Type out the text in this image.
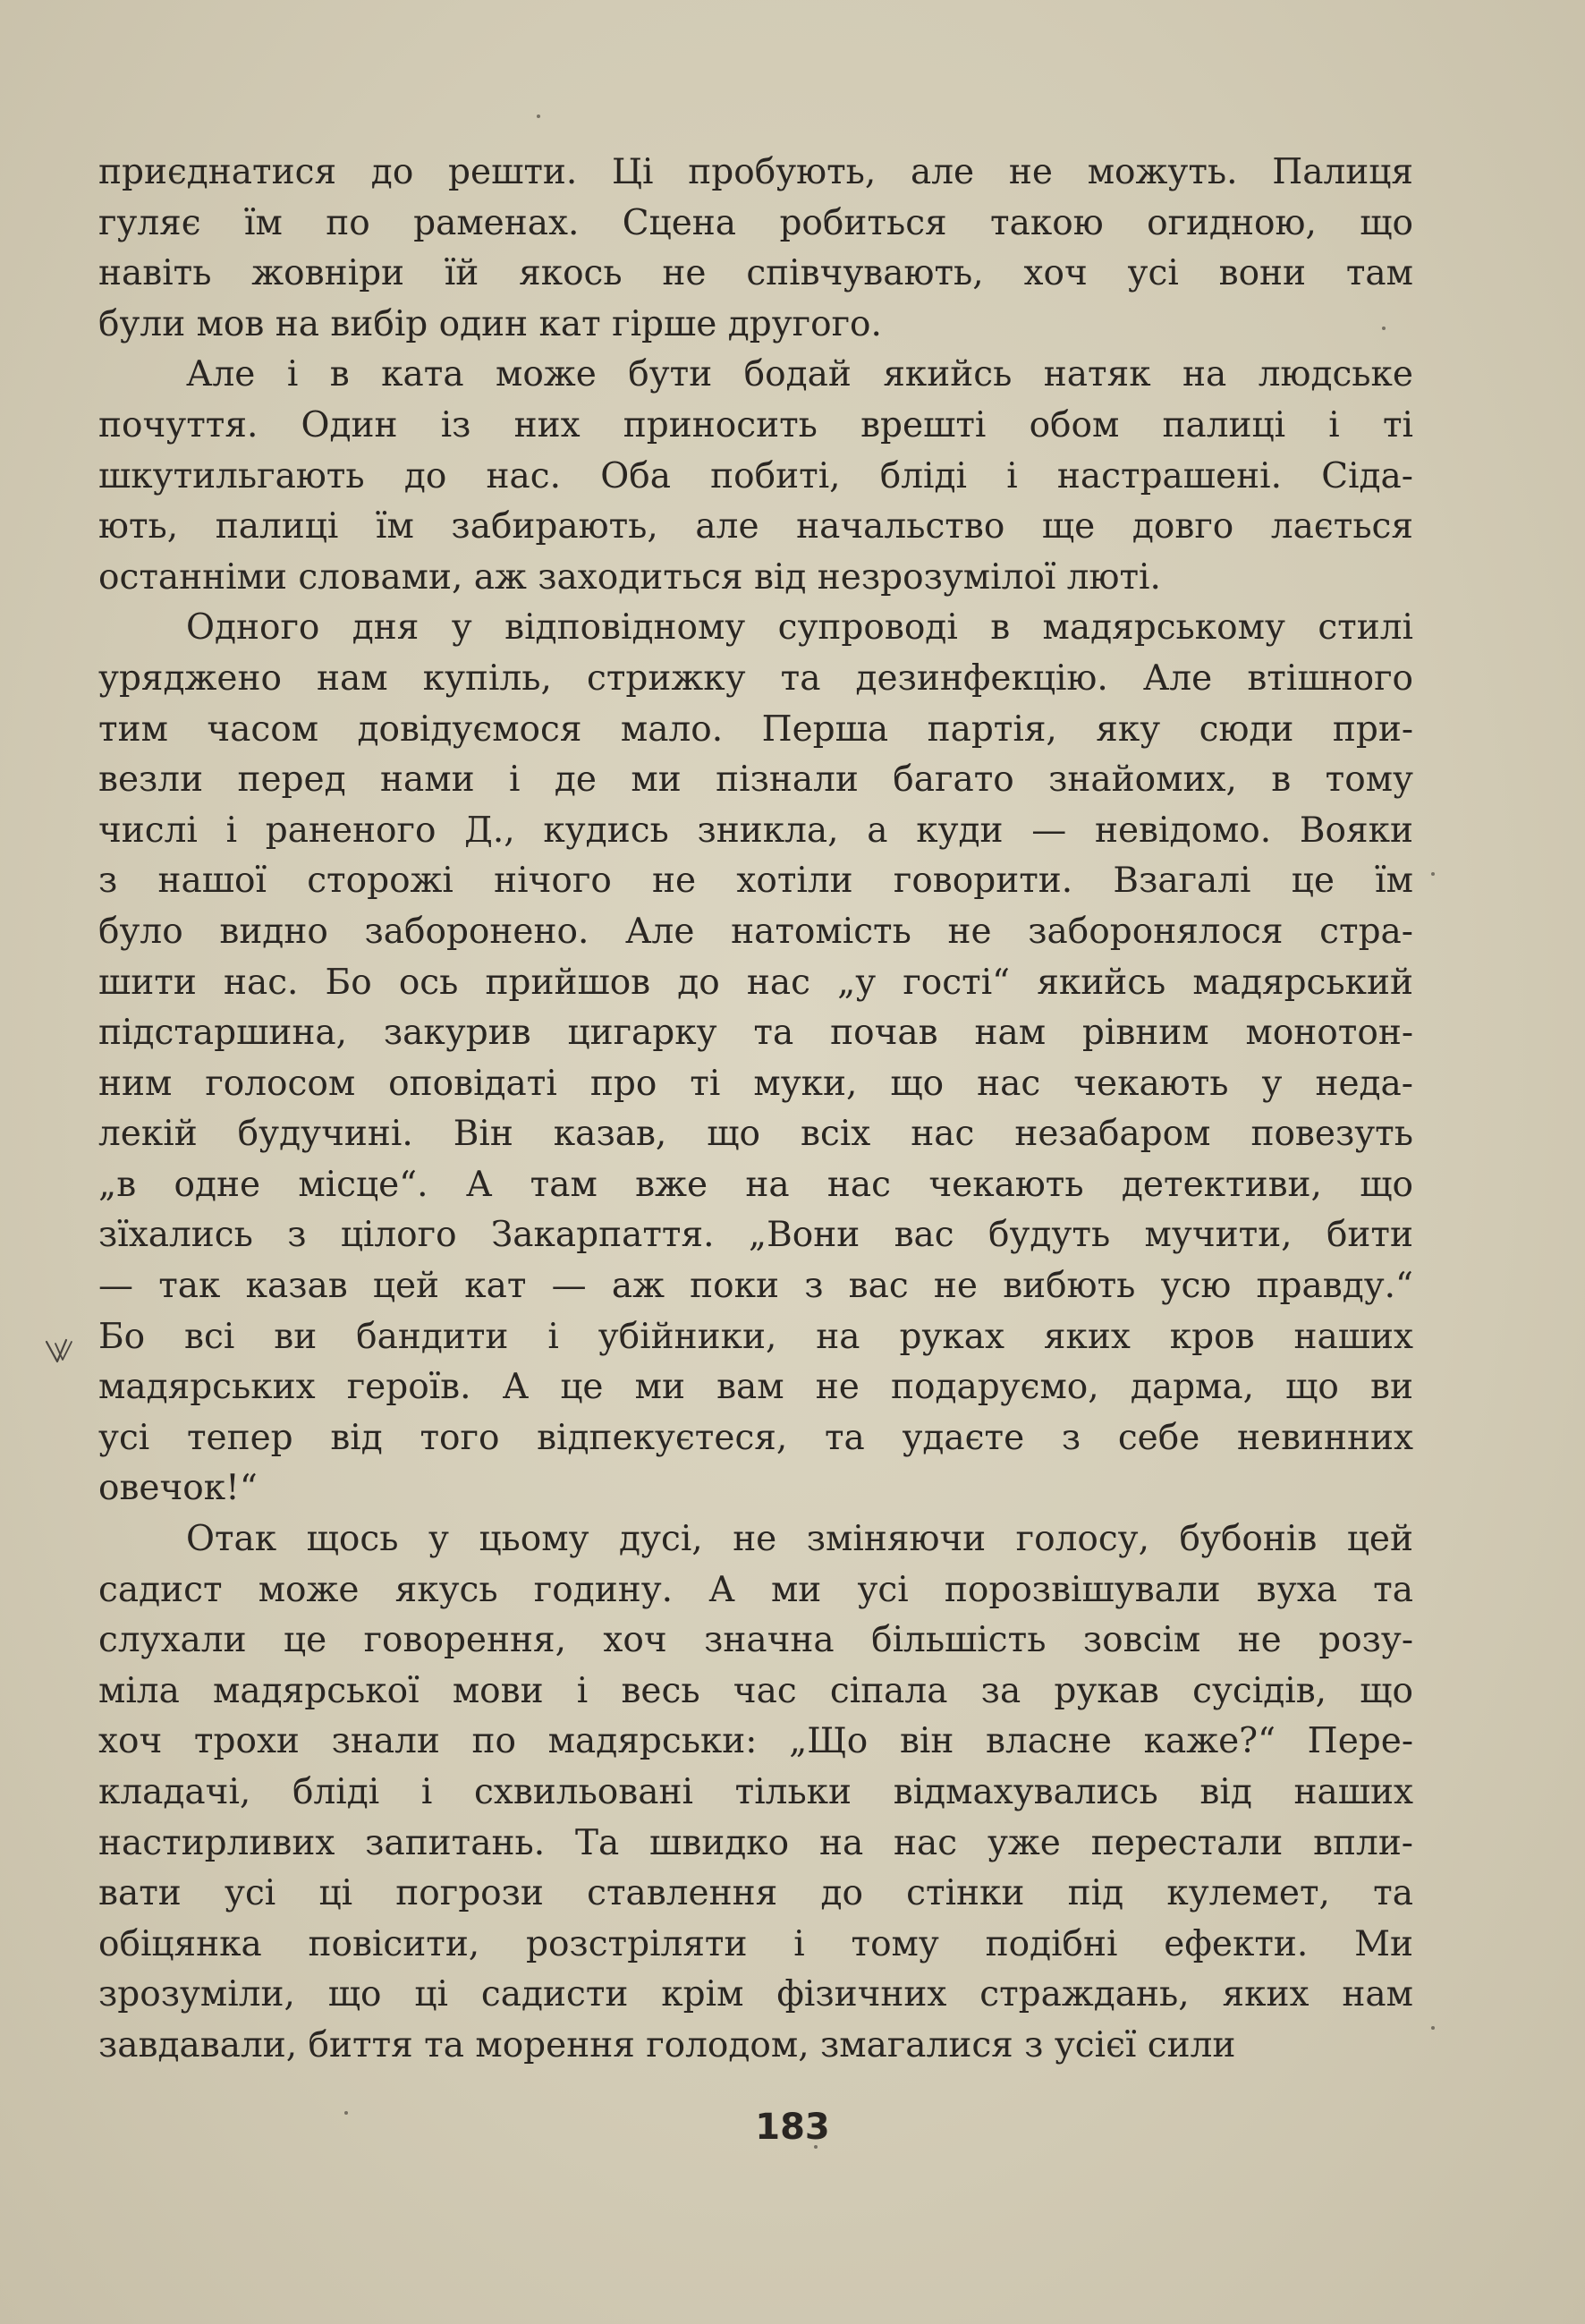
приєднатися до решти. Ці пробують, але не можуть. Палиця
гуляє їм по раменах. Сцена робиться такою огидною, що
навіть жовніри їй якось не співчувають, хоч усі вони там
були мов на вибір один кат гірше другого.

Але і в ката може бути бодай якийсь натяк на людське
почуття. Один із них приносить врешті обом палиці і ті
шкутильгають до нас. Оба побиті, бліді і настрашені. Сіда-
ють, палиці їм забирають, але начальство ще довго лається
останніми словами, аж заходиться від незрозумілої люті.

Одного дня у відповідному супроводі в мадярському стилі
уряджено нам купіль, стрижку та дезинфекцію. Але втішного
тим часом довідуємося мало. Перша партія, яку сюди при-
везли перед нами і де ми пізнали багато знайомих, в тому
числі і раненого Д., кудись зникла, а куди — невідомо. Вояки
з нашої сторожі нічого не хотіли говорити. Взагалі це їм
було видно заборонено. Але натомість не заборонялося стра-
шити нас. Бо ось прийшов до нас „у гості“ якийсь мадярський
підстаршина, закурив цигарку та почав нам рівним монотон-
ним голосом оповідаті про ті муки, що нас чекають у неда-
лекій будучині. Він казав, що всіх нас незабаром повезуть
„в одне місце“. А там вже на нас чекають детективи, що
зїхались з цілого Закарпаття. „Вони вас будуть мучити, бити
— так казав цей кат — аж поки з вас не вибють усю правду.“
Бо всі ви бандити і убійники, на руках яких кров наших
мадярських героїв. А це ми вам не подаруємо, дарма, що ви
усі тепер від того відпекуєтеся, та удаєте з себе невинних
овечок!“

Отак щось у цьому дусі, не зміняючи голосу, бубонів цей
садист може якусь годину. А ми усі порозвішували вуха та
слухали це говорення, хоч значна більшість зовсім не розу-
міла мадярської мови і весь час сіпала за рукав сусідів, що
хоч трохи знали по мадярськи: „Що він власне каже?“ Пере-
кладачі, бліді і схвильовані тільки відмахувались від наших
настирливих запитань. Та швидко на нас уже перестали впли-
вати усі ці погрози ставлення до стінки під кулемет, та
обіцянка повісити, розстріляти і тому подібні ефекти. Ми
зрозуміли, що ці садисти крім фізичних страждань, яких нам
завдавали, биття та морення голодом, змагалися з усієї сили

183
